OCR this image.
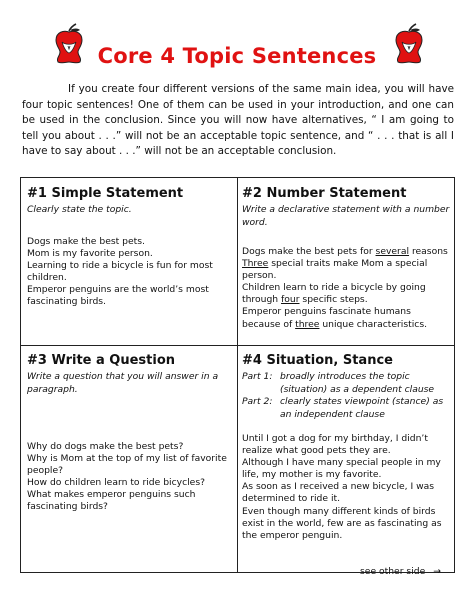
Core 4 Topic Sentences
If you create four different versions of the same main idea, you will have four topic sentences! One of them can be used in your introduction, and one can be used in the conclusion. Since you will now have alternatives, “ I am going to tell you about . . .” will not be an acceptable topic sentence, and “ . . . that is all I have to say about . . .” will not be an acceptable conclusion.
#1 Simple Statement
Clearly state the topic.
Dogs make the best pets.
Mom is my favorite person.
Learning to ride a bicycle is fun for most children.
Emperor penguins are the world’s most fascinating birds.
#2 Number Statement
Write a declarative statement with a number word.
Dogs make the best pets for several reasons
Three special traits make Mom a special person.
Children learn to ride a bicycle by going through four specific steps.
Emperor penguins fascinate humans because of three unique characteristics.
#3 Write a Question
Write a question that you will answer in a paragraph.
Why do dogs make the best pets?
Why is Mom at the top of my list of favorite people?
How do children learn to ride bicycles?
What makes emperor penguins such fascinating birds?
#4 Situation, Stance
Part 1: broadly introduces the topic (situation) as a dependent clause
Part 2: clearly states viewpoint (stance) as an independent clause
Until I got a dog for my birthday, I didn’t realize what good pets they are.
Although I have many special people in my life, my mother is my favorite.
As soon as I received a new bicycle, I was determined to ride it.
Even though many different kinds of birds exist in the world, few are as fascinating as the emperor penguin.
see other side →
